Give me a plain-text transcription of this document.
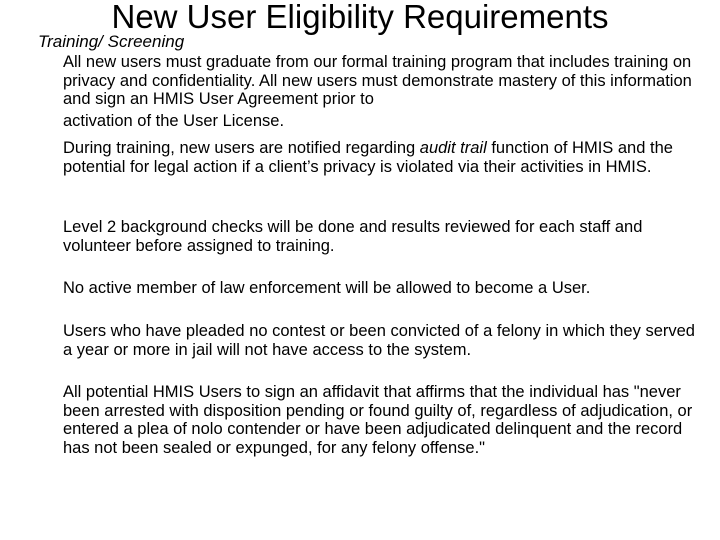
New User Eligibility Requirements
Training/ Screening
All new users must graduate from our formal training program that includes training on privacy and confidentiality. All new users must demonstrate mastery of this information and sign an HMIS User Agreement prior to
activation of the User License.
During training, new users are notified regarding audit trail function of HMIS and the potential for legal action if a client’s privacy is violated via their activities in HMIS.
Level 2 background checks will be done and results reviewed for each staff and volunteer before assigned to training.
No active member of law enforcement will be allowed to become a User.
Users who have pleaded no contest or been convicted of a felony in which they served a year or more in jail will not have access to the system.
All potential HMIS Users to sign an affidavit that affirms that the individual has "never been arrested with disposition pending or found guilty of, regardless of adjudication, or entered a plea of nolo contender or have been adjudicated delinquent and the record has not been sealed or expunged, for any felony offense."
